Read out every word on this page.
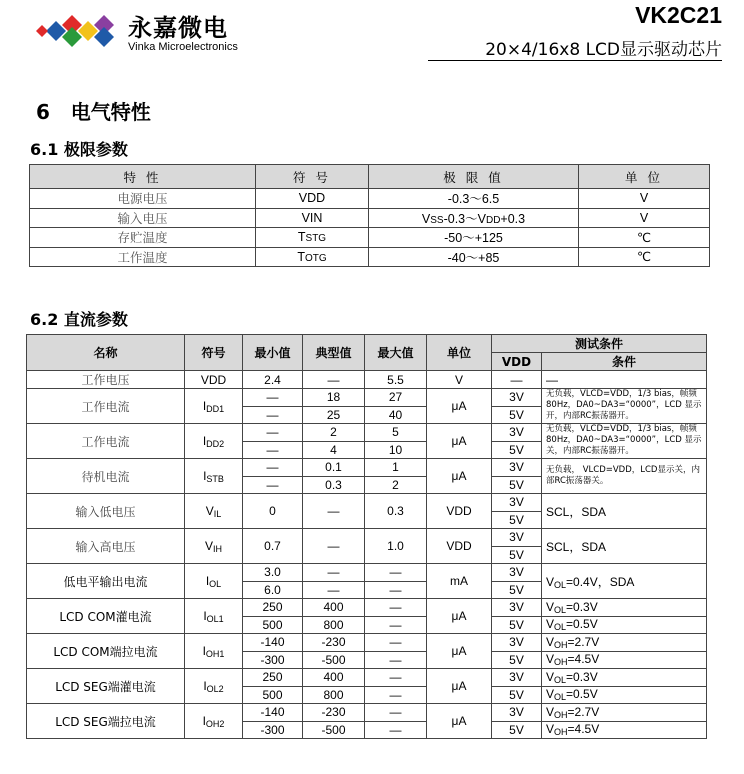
永嘉微电
Vinka Microelectronics
VK2C21
20×4/16x8 LCD显示驱动芯片
6   电气特性
6.1 极限参数
特 性	符 号	极 限 值	单 位
电源电压	VDD	-0.3～6.5	V
输入电压	VIN	VSS-0.3～VDD+0.3	V
存贮温度	TSTG	-50～+125	℃
工作温度	TOTG	-40～+85	℃
6.2 直流参数
名称	符号	最小值	典型值	最大值	单位	测试条件	
						VDD	条件
工作电压	VDD	2.4	—	5.5	V	—	—
工作电流	IDD1	—	18	27	μA	3V	无负载，VLCD=VDD，1/3 bias，帧频80Hz，DA0~DA3=“0000”，LCD 显示开，内部RC振荡器开。
		—	25	40		5V	
工作电流	IDD2	—	2	5	μA	3V	无负载，VLCD=VDD，1/3 bias，帧频80Hz，DA0~DA3=“0000”，LCD 显示关，内部RC振荡器开。
		—	4	10		5V	
待机电流	ISTB	—	0.1	1	μA	3V	无负载， VLCD=VDD，LCD显示关，内部RC振荡器关。
		—	0.3	2		5V	
输入低电压	VIL	0	—	0.3	VDD	3V	SCL，SDA
						5V	
输入高电压	VIH	0.7	—	1.0	VDD	3V	SCL，SDA
						5V	
低电平输出电流	IOL	3.0	—	—	mA	3V	VOL=0.4V，SDA
		6.0	—	—		5V	
LCD COM灌电流	IOL1	250	400	—	μA	3V	VOL=0.3V
		500	800	—		5V	VOL=0.5V
LCD COM端拉电流	IOH1	-140	-230	—	μA	3V	VOH=2.7V
		-300	-500	—		5V	VOH=4.5V
LCD SEG端灌电流	IOL2	250	400	—	μA	3V	VOL=0.3V
		500	800	—		5V	VOL=0.5V
LCD SEG端拉电流	IOH2	-140	-230	—	μA	3V	VOH=2.7V
		-300	-500	—		5V	VOH=4.5V
